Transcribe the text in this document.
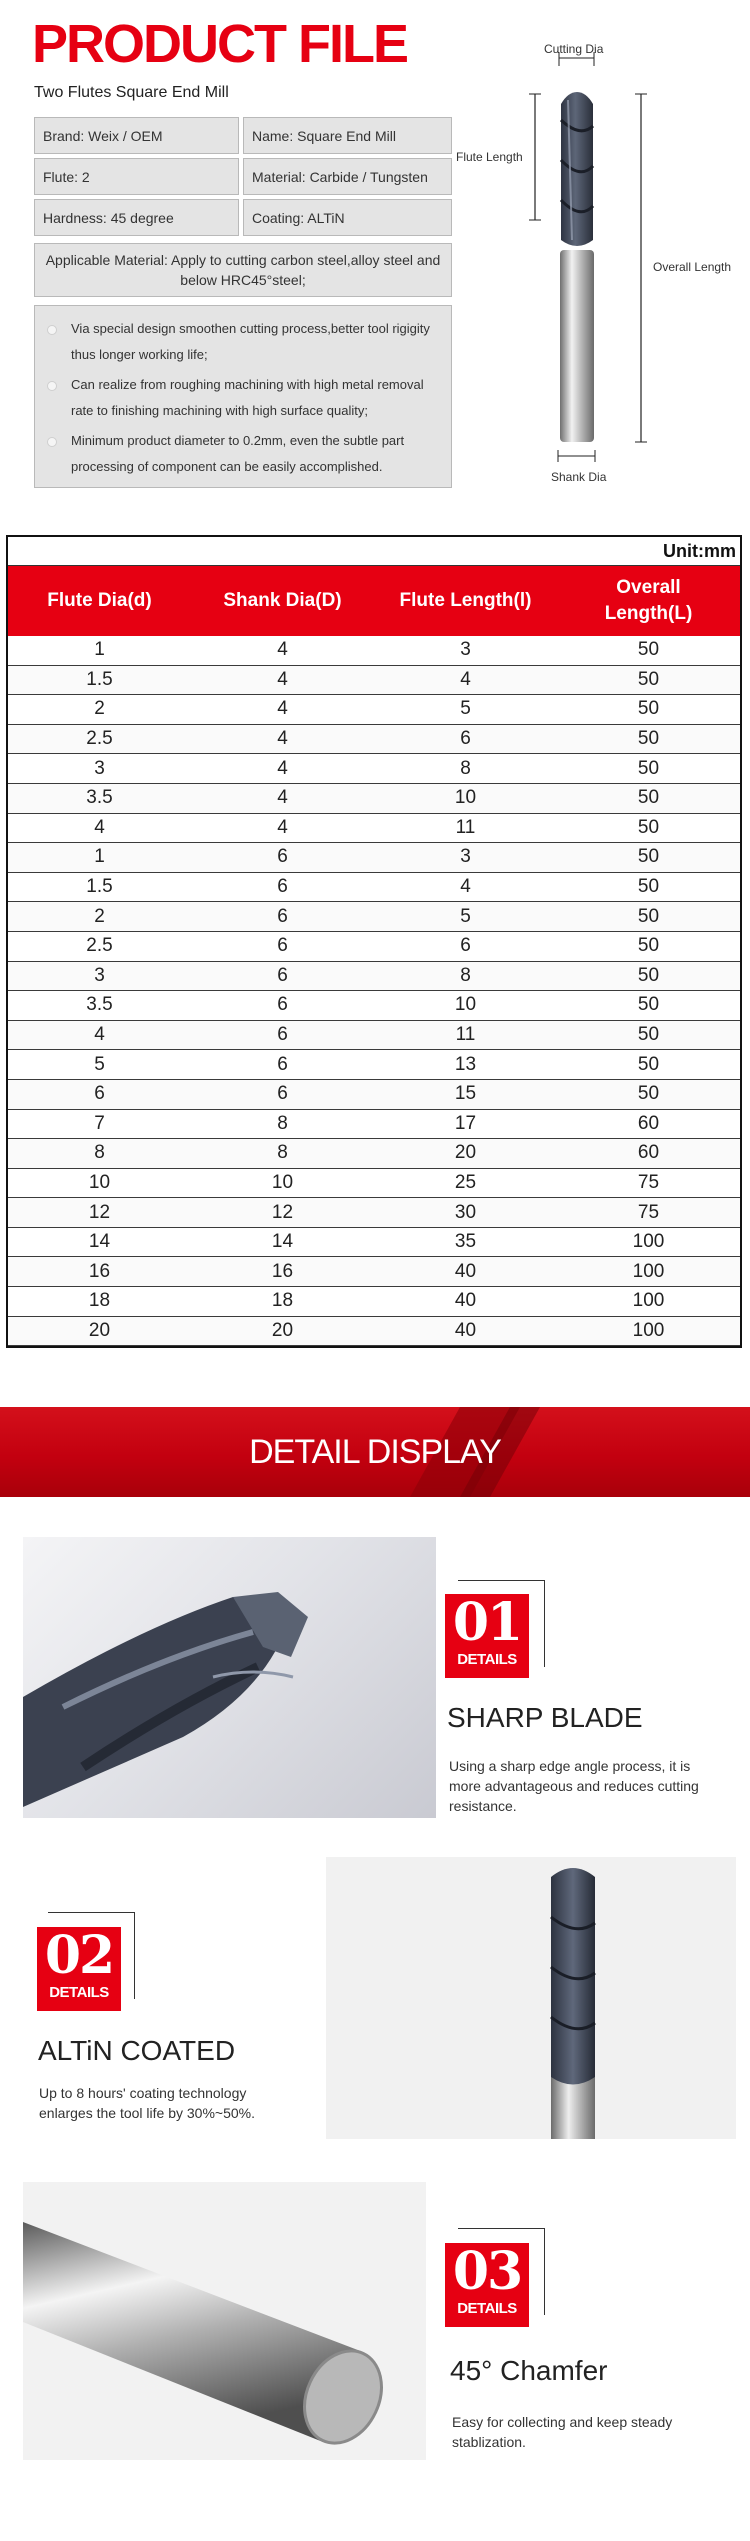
PRODUCT FILE
Two Flutes Square End Mill
Brand: Weix / OEM	Name: Square End Mill
Flute: 2	Material: Carbide / Tungsten
Hardness: 45 degree	Coating: ALTiN
Applicable Material: Apply to cutting carbon steel,alloy steel and below HRC45°steel;
Via special design smoothen cutting process,better tool rigigity thus longer working life;
Can realize from roughing machining with high metal removal rate to finishing machining with high surface quality;
Minimum product diameter to 0.2mm, even the subtle part processing of component can be easily accomplished.
Cutting Dia
Flute Length
Overall Length
Shank Dia
Unit:mm
Flute Dia(d)	Shank Dia(D)	Flute Length(l)	Overall Length(L)
1	4	3	50
1.5	4	4	50
2	4	5	50
2.5	4	6	50
3	4	8	50
3.5	4	10	50
4	4	11	50
1	6	3	50
1.5	6	4	50
2	6	5	50
2.5	6	6	50
3	6	8	50
3.5	6	10	50
4	6	11	50
5	6	13	50
6	6	15	50
7	8	17	60
8	8	20	60
10	10	25	75
12	12	30	75
14	14	35	100
16	16	40	100
18	18	40	100
20	20	40	100
DETAIL DISPLAY
01
DETAILS
SHARP BLADE
Using a sharp edge angle process, it is more advantageous and reduces cutting resistance.
02
DETAILS
ALTiN COATED
Up to 8 hours' coating technology enlarges the tool life by 30%~50%.
03
DETAILS
45° Chamfer
Easy for collecting and keep steady stablization.
